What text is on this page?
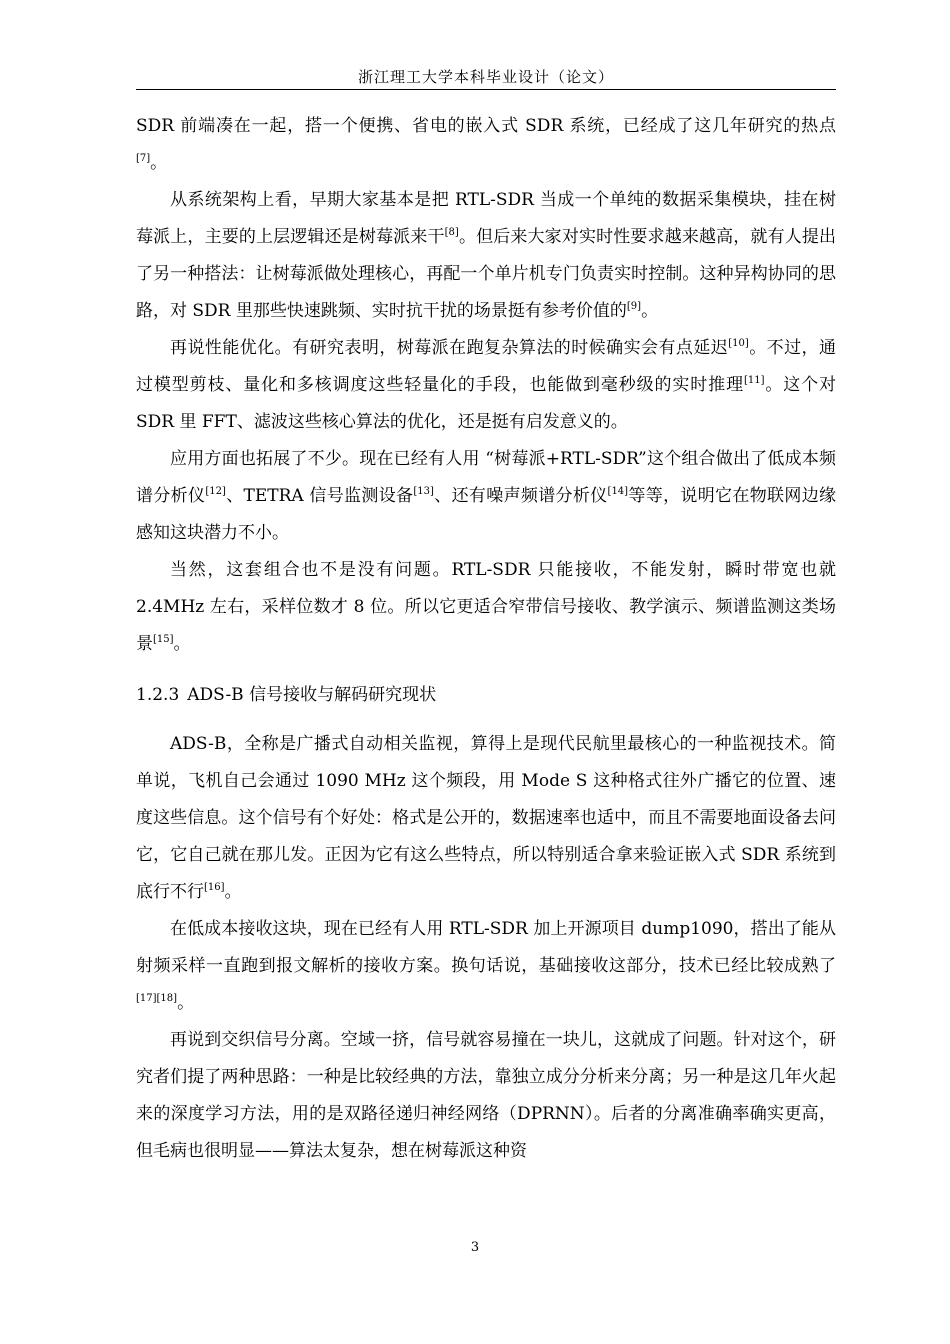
浙江理工大学本科毕业设计（论文）

SDR 前端凑在一起，搭一个便携、省电的嵌入式 SDR 系统，已经成了这几年研究的热点[7]。

从系统架构上看，早期大家基本是把 RTL-SDR 当成一个单纯的数据采集模块，挂在树莓派上，主要的上层逻辑还是树莓派来干[8]。但后来大家对实时性要求越来越高，就有人提出了另一种搭法：让树莓派做处理核心，再配一个单片机专门负责实时控制。这种异构协同的思路，对 SDR 里那些快速跳频、实时抗干扰的场景挺有参考价值的[9]。

再说性能优化。有研究表明，树莓派在跑复杂算法的时候确实会有点延迟[10]。不过，通过模型剪枝、量化和多核调度这些轻量化的手段，也能做到毫秒级的实时推理[11]。这个对 SDR 里 FFT、滤波这些核心算法的优化，还是挺有启发意义的。

应用方面也拓展了不少。现在已经有人用 “树莓派+RTL-SDR”这个组合做出了低成本频谱分析仪[12]、TETRA 信号监测设备[13]、还有噪声频谱分析仪[14]等等，说明它在物联网边缘感知这块潜力不小。

当然，这套组合也不是没有问题。RTL-SDR 只能接收，不能发射，瞬时带宽也就 2.4MHz 左右，采样位数才 8 位。所以它更适合窄带信号接收、教学演示、频谱监测这类场景[15]。

1.2.3 ADS-B 信号接收与解码研究现状

ADS-B，全称是广播式自动相关监视，算得上是现代民航里最核心的一种监视技术。简单说，飞机自己会通过 1090 MHz 这个频段，用 Mode S 这种格式往外广播它的位置、速度这些信息。这个信号有个好处：格式是公开的，数据速率也适中，而且不需要地面设备去问它，它自己就在那儿发。正因为它有这么些特点，所以特别适合拿来验证嵌入式 SDR 系统到底行不行[16]。

在低成本接收这块，现在已经有人用 RTL-SDR 加上开源项目 dump1090，搭出了能从射频采样一直跑到报文解析的接收方案。换句话说，基础接收这部分，技术已经比较成熟了[17][18]。

再说到交织信号分离。空域一挤，信号就容易撞在一块儿，这就成了问题。针对这个，研究者们提了两种思路：一种是比较经典的方法，靠独立成分分析来分离；另一种是这几年火起来的深度学习方法，用的是双路径递归神经网络（DPRNN）。后者的分离准确率确实更高，但毛病也很明显——算法太复杂，想在树莓派这种资

3
